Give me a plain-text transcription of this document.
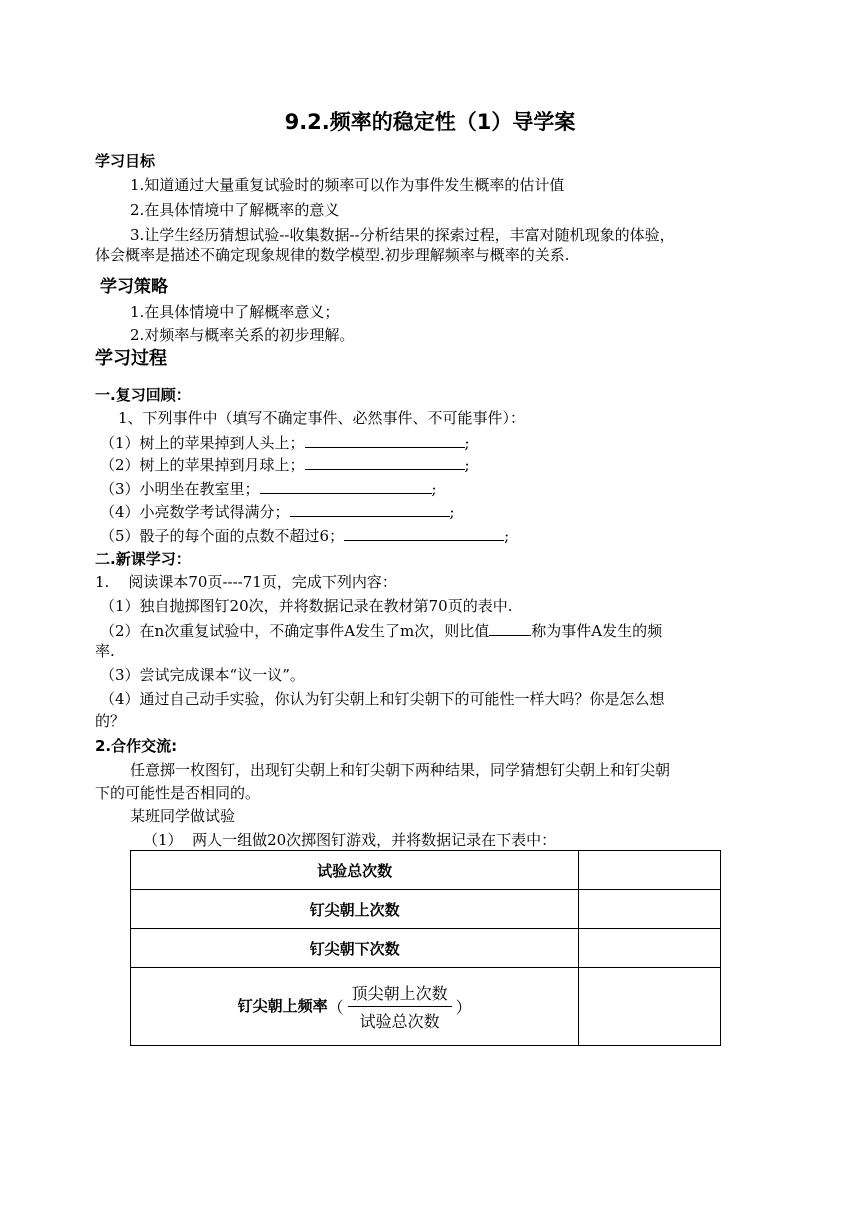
9.2.频率的稳定性（1）导学案
学习目标
1.知道通过大量重复试验时的频率可以作为事件发生概率的估计值
2.在具体情境中了解概率的意义
3.让学生经历猜想试验--收集数据--分析结果的探索过程，丰富对随机现象的体验，
体会概率是描述不确定现象规律的数学模型.初步理解频率与概率的关系.
学习策略
1.在具体情境中了解概率意义；
2.对频率与概率关系的初步理解。
学习过程
一.复习回顾：
1、下列事件中（填写不确定事件、必然事件、不可能事件）：
（1）树上的苹果掉到人头上；	;
（2）树上的苹果掉到月球上；	;
（3）小明坐在教室里；	;
（4）小亮数学考试得满分；	;
（5）骰子的每个面的点数不超过6；	;
二.新课学习：
1.    阅读课本70页----71页，完成下列内容：
（1）独自抛掷图钉20次，并将数据记录在教材第70页的表中.
（2）在n次重复试验中，不确定事件A发生了m次，则比值	称为事件A发生的频
率.
（3）尝试完成课本“议一议”。
（4）通过自己动手实验，你认为钉尖朝上和钉尖朝下的可能性一样大吗？你是怎么想
的？
2.合作交流:
任意掷一枚图钉，出现钉尖朝上和钉尖朝下两种结果，同学猜想钉尖朝上和钉尖朝
下的可能性是否相同的。
某班同学做试验
（1）  两人一组做20次掷图钉游戏，并将数据记录在下表中：
试验总次数	
钉尖朝上次数	
钉尖朝下次数	
钉尖朝上频率（ $\frac{\text{顶尖朝上次数}}{\text{试验总次数}}$ ）	
